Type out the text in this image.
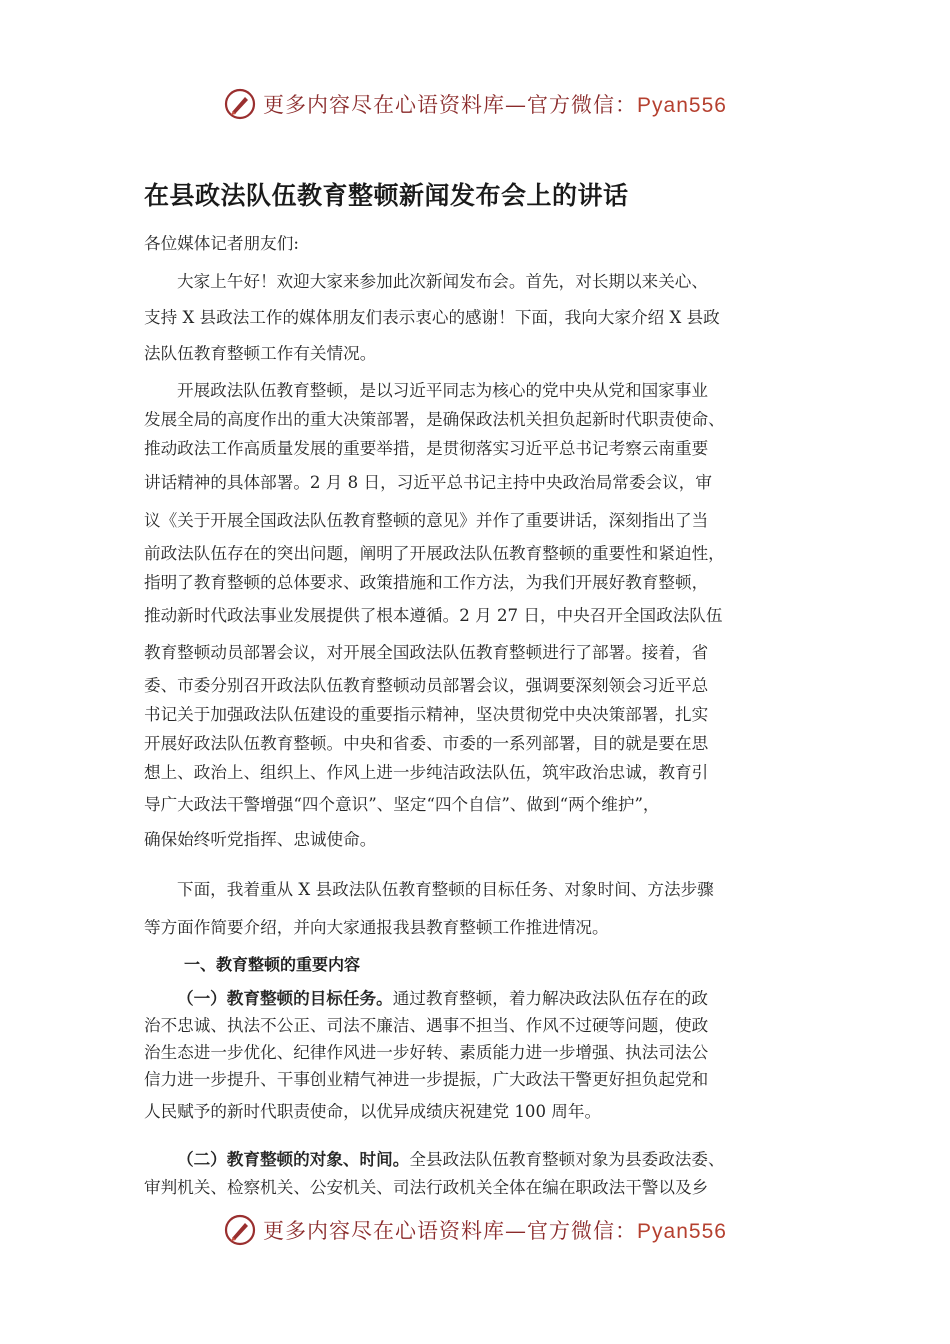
更多内容尽在心语资料库—官方微信：Pyan556
在县政法队伍教育整顿新闻发布会上的讲话
各位媒体记者朋友们:
大家上午好！欢迎大家来参加此次新闻发布会。首先，对长期以来关心、
支持 X 县政法工作的媒体朋友们表示衷心的感谢！下面，我向大家介绍 X 县政
法队伍教育整顿工作有关情况。
开展政法队伍教育整顿，是以习近平同志为核心的党中央从党和国家事业
发展全局的高度作出的重大决策部署，是确保政法机关担负起新时代职责使命、
推动政法工作高质量发展的重要举措，是贯彻落实习近平总书记考察云南重要
讲话精神的具体部署。2 月 8 日，习近平总书记主持中央政治局常委会议，审
议《关于开展全国政法队伍教育整顿的意见》并作了重要讲话，深刻指出了当
前政法队伍存在的突出问题，阐明了开展政法队伍教育整顿的重要性和紧迫性，
指明了教育整顿的总体要求、政策措施和工作方法，为我们开展好教育整顿，
推动新时代政法事业发展提供了根本遵循。2 月 27 日，中央召开全国政法队伍
教育整顿动员部署会议，对开展全国政法队伍教育整顿进行了部署。接着，省
委、市委分别召开政法队伍教育整顿动员部署会议，强调要深刻领会习近平总
书记关于加强政法队伍建设的重要指示精神，坚决贯彻党中央决策部署，扎实
开展好政法队伍教育整顿。中央和省委、市委的一系列部署，目的就是要在思
想上、政治上、组织上、作风上进一步纯洁政法队伍，筑牢政治忠诚，教育引
导广大政法干警增强“四个意识”、坚定“四个自信”、做到“两个维护”，
确保始终听党指挥、忠诚使命。
下面，我着重从 X 县政法队伍教育整顿的目标任务、对象时间、方法步骤
等方面作简要介绍，并向大家通报我县教育整顿工作推进情况。
一、教育整顿的重要内容
（一）教育整顿的目标任务。通过教育整顿，着力解决政法队伍存在的政
治不忠诚、执法不公正、司法不廉洁、遇事不担当、作风不过硬等问题，使政
治生态进一步优化、纪律作风进一步好转、素质能力进一步增强、执法司法公
信力进一步提升、干事创业精气神进一步提振，广大政法干警更好担负起党和
人民赋予的新时代职责使命，以优异成绩庆祝建党 100 周年。
（二）教育整顿的对象、时间。全县政法队伍教育整顿对象为县委政法委、
审判机关、检察机关、公安机关、司法行政机关全体在编在职政法干警以及乡
更多内容尽在心语资料库—官方微信：Pyan556
